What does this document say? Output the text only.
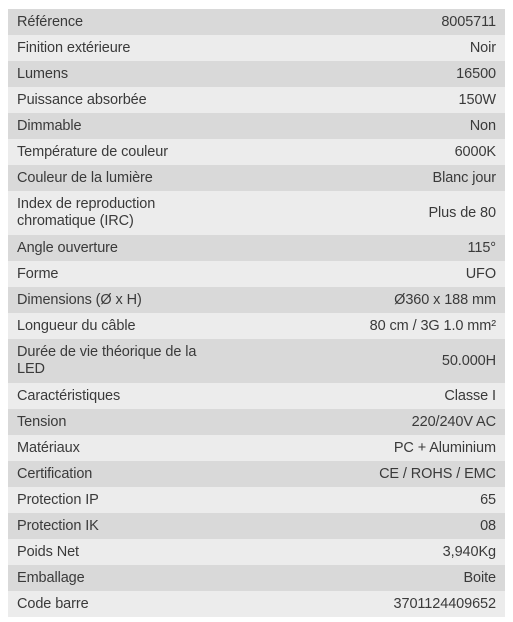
Référence	8005711
Finition extérieure	Noir
Lumens	16500
Puissance absorbée	150W
Dimmable	Non
Température de couleur	6000K
Couleur de la lumière	Blanc jour
Index de reproduction chromatique (IRC)	Plus de 80
Angle ouverture	115°
Forme	UFO
Dimensions (Ø x H)	Ø360 x 188 mm
Longueur du câble	80 cm / 3G 1.0 mm²
Durée de vie théorique de la LED	50.000H
Caractéristiques	Classe I
Tension	220/240V AC
Matériaux	PC + Aluminium
Certification	CE / ROHS / EMC
Protection IP	65
Protection IK	08
Poids Net	3,940Kg
Emballage	Boite
Code barre	3701124409652
